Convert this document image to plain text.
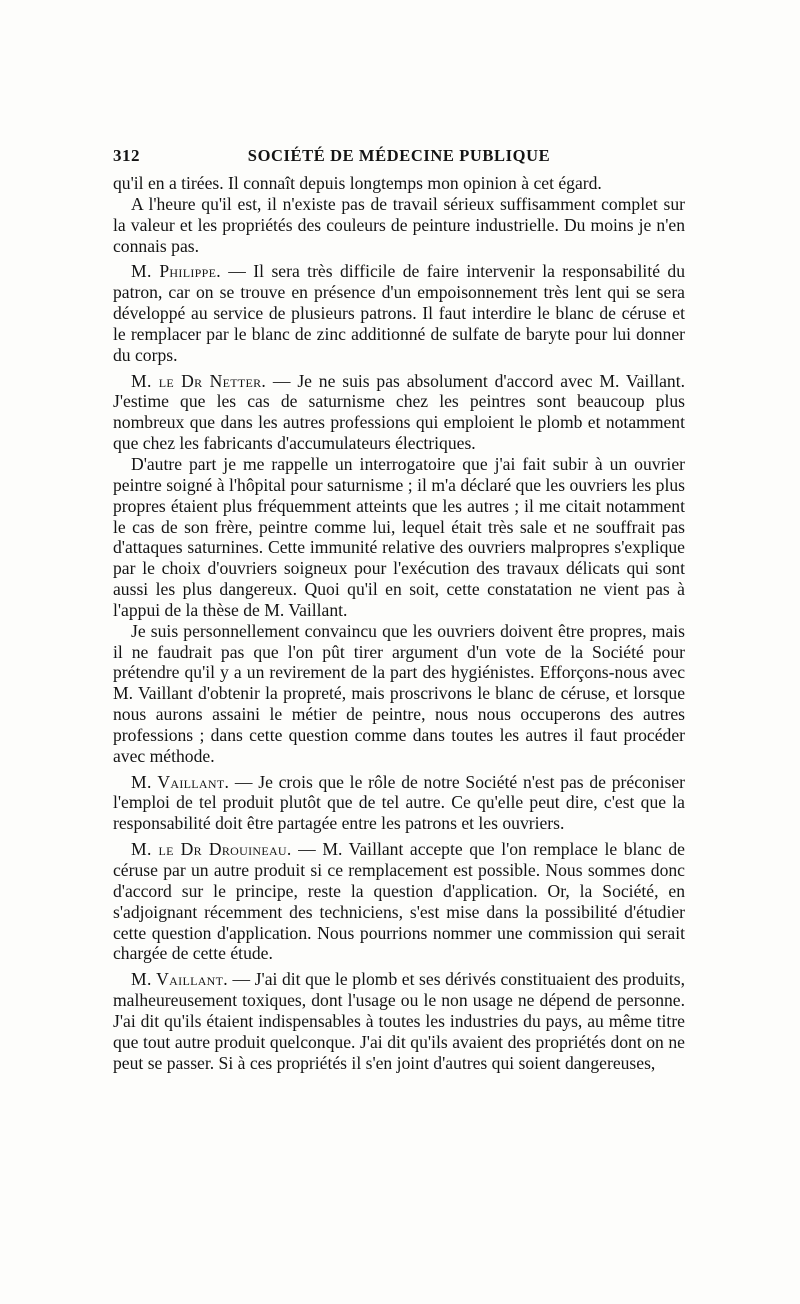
312	SOCIÉTÉ DE MÉDECINE PUBLIQUE

qu'il en a tirées. Il connaît depuis longtemps mon opinion à cet égard.

A l'heure qu'il est, il n'existe pas de travail sérieux suffisamment complet sur la valeur et les propriétés des couleurs de peinture industrielle. Du moins je n'en connais pas.

M. Philippe. — Il sera très difficile de faire intervenir la responsabilité du patron, car on se trouve en présence d'un empoisonnement très lent qui se sera développé au service de plusieurs patrons. Il faut interdire le blanc de céruse et le remplacer par le blanc de zinc additionné de sulfate de baryte pour lui donner du corps.

M. le Dr Netter. — Je ne suis pas absolument d'accord avec M. Vaillant. J'estime que les cas de saturnisme chez les peintres sont beaucoup plus nombreux que dans les autres professions qui emploient le plomb et notamment que chez les fabricants d'accumulateurs électriques.

D'autre part je me rappelle un interrogatoire que j'ai fait subir à un ouvrier peintre soigné à l'hôpital pour saturnisme ; il m'a déclaré que les ouvriers les plus propres étaient plus fréquemment atteints que les autres ; il me citait notamment le cas de son frère, peintre comme lui, lequel était très sale et ne souffrait pas d'attaques saturnines. Cette immunité relative des ouvriers malpropres s'explique par le choix d'ouvriers soigneux pour l'exécution des travaux délicats qui sont aussi les plus dangereux. Quoi qu'il en soit, cette constatation ne vient pas à l'appui de la thèse de M. Vaillant.

Je suis personnellement convaincu que les ouvriers doivent être propres, mais il ne faudrait pas que l'on pût tirer argument d'un vote de la Société pour prétendre qu'il y a un revirement de la part des hygiénistes. Efforçons-nous avec M. Vaillant d'obtenir la propreté, mais proscrivons le blanc de céruse, et lorsque nous aurons assaini le métier de peintre, nous nous occuperons des autres professions ; dans cette question comme dans toutes les autres il faut procéder avec méthode.

M. Vaillant. — Je crois que le rôle de notre Société n'est pas de préconiser l'emploi de tel produit plutôt que de tel autre. Ce qu'elle peut dire, c'est que la responsabilité doit être partagée entre les patrons et les ouvriers.

M. le Dr Drouineau. — M. Vaillant accepte que l'on remplace le blanc de céruse par un autre produit si ce remplacement est possible. Nous sommes donc d'accord sur le principe, reste la question d'application. Or, la Société, en s'adjoignant récemment des techniciens, s'est mise dans la possibilité d'étudier cette question d'application. Nous pourrions nommer une commission qui serait chargée de cette étude.

M. Vaillant. — J'ai dit que le plomb et ses dérivés constituaient des produits, malheureusement toxiques, dont l'usage ou le non usage ne dépend de personne. J'ai dit qu'ils étaient indispensables à toutes les industries du pays, au même titre que tout autre produit quelconque. J'ai dit qu'ils avaient des propriétés dont on ne peut se passer. Si à ces propriétés il s'en joint d'autres qui soient dangereuses,
